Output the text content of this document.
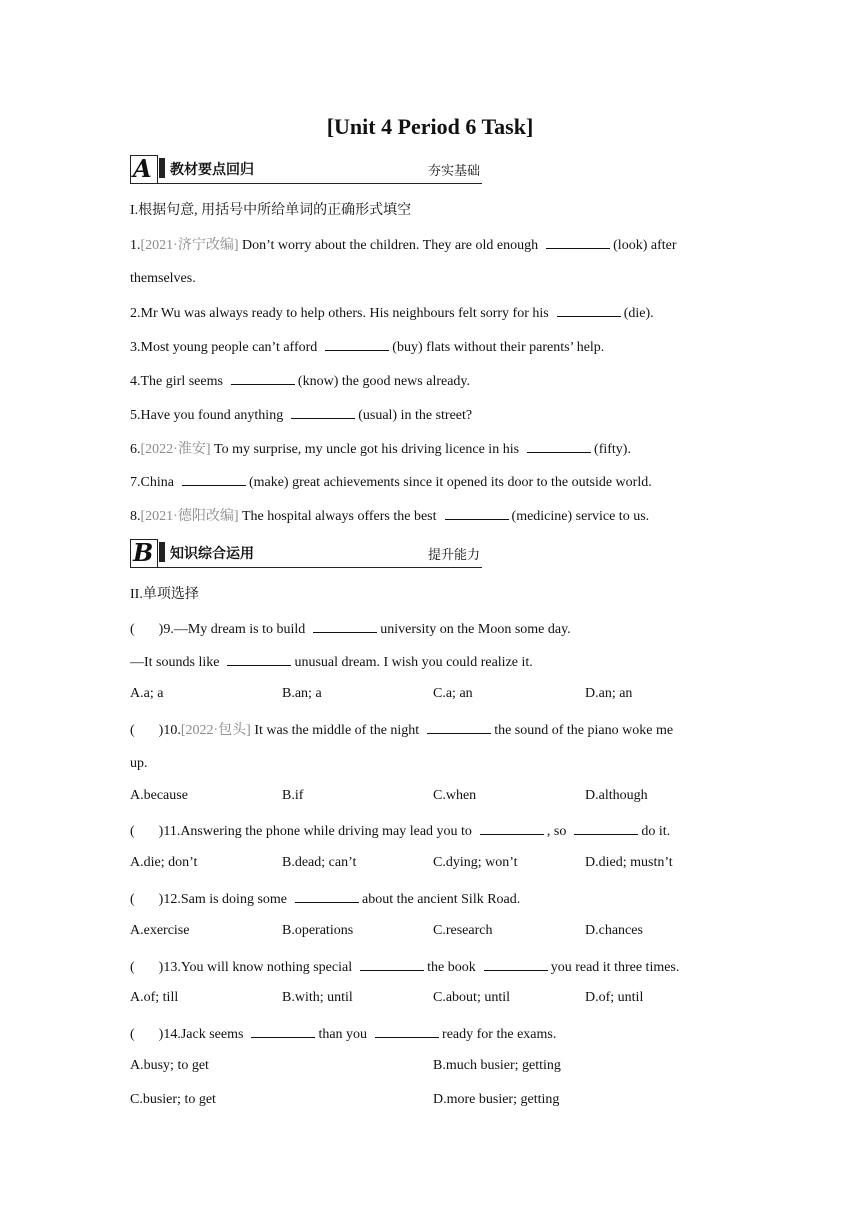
[Unit 4 Period 6 Task]
A 教材要点回归	夯实基础
I.根据句意, 用括号中所给单词的正确形式填空
1.[2021·济宁改编] Don’t worry about the children. They are old enough	(look) after
themselves.
2.Mr Wu was always ready to help others. His neighbours felt sorry for his	(die).
3.Most young people can’t afford	(buy) flats without their parents’ help.
4.The girl seems	(know) the good news already.
5.Have you found anything	(usual) in the street?
6.[2022·淮安] To my surprise, my uncle got his driving licence in his	(fifty).
7.China	(make) great achievements since it opened its door to the outside world.
8.[2021·德阳改编] The hospital always offers the best	(medicine) service to us.
B 知识综合运用	提升能力
II.单项选择
( )9.—My dream is to build	university on the Moon some day.
—It sounds like	unusual dream. I wish you could realize it.
A.a; a	B.an; a	C.a; an	D.an; an
( )10.[2022·包头] It was the middle of the night	the sound of the piano woke me
up.
A.because	B.if	C.when	D.although
( )11.Answering the phone while driving may lead you to	, so	do it.
A.die; don’t	B.dead; can’t	C.dying; won’t	D.died; mustn’t
( )12.Sam is doing some	about the ancient Silk Road.
A.exercise	B.operations	C.research	D.chances
( )13.You will know nothing special	the book	you read it three times.
A.of; till	B.with; until	C.about; until	D.of; until
( )14.Jack seems	than you	ready for the exams.
A.busy; to get	B.much busier; getting
C.busier; to get	D.more busier; getting
